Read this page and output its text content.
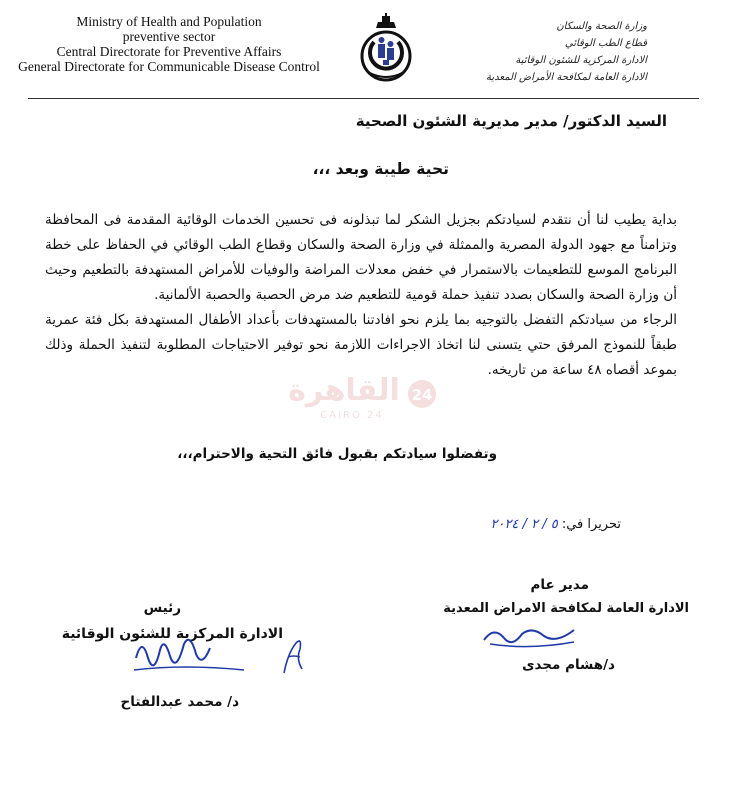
Ministry of Health and Population
preventive sector
Central Directorate for Preventive Affairs
General Directorate for Communicable Disease Control
وزارة الصحة والسكان
قطاع الطب الوقائي
الادارة المركزية للشئون الوقائية
الادارة العامة لمكافحة الأمراض المعدية
السيد الدكتور/ مدير مديرية الشئون الصحية
تحية طيبة وبعد ،،،

بداية يطيب لنا أن نتقدم لسيادتكم بجزيل الشكر لما تبذلونه فى تحسين الخدمات الوقائية المقدمة فى المحافظة وتزامناً مع جهود الدولة المصرية والممثلة في وزارة الصحة والسكان وقطاع الطب الوقائي في الحفاظ على خطة البرنامج الموسع للتطعيمات بالاستمرار في خفض معدلات المراضة والوفيات للأمراض المستهدفة بالتطعيم وحيث أن وزارة الصحة والسكان بصدد تنفيذ حملة قومية للتطعيم ضد مرض الحصبة والحصبة الألمانية.

الرجاء من سيادتكم التفضل بالتوجيه بما يلزم نحو افادتنا بالمستهدفات بأعداد الأطفال المستهدفة بكل فئة عمرية طبقاً للنموذج المرفق حتي يتسنى لنا اتخاذ الاجراءات اللازمة نحو توفير الاحتياجات المطلوبة لتنفيذ الحملة وذلك بموعد أقصاه ٤٨ ساعة من تاريخه.

القاهرة 24
CAIRO 24
وتفضلوا سيادتكم بقبول فائق التحية والاحترام،،،
تحريرا في: ٥ / ٢ / ٢٠٢٤
مدير عام
الادارة العامة لمكافحة الامراض المعدية
د/هشام مجدى
رئيس
الادارة المركزية للشئون الوقائية
د/ محمد عبدالفتاح
